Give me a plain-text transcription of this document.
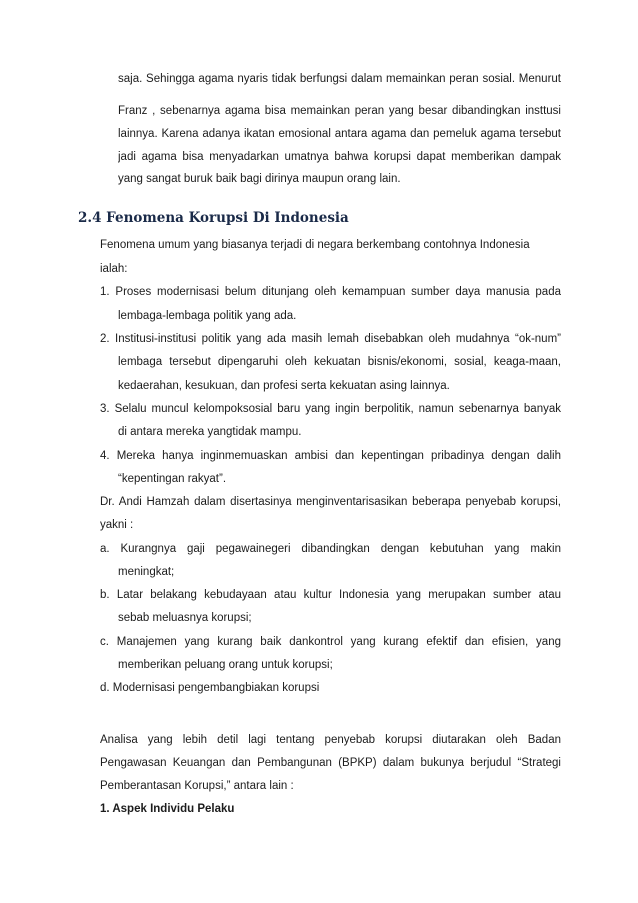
saja. Sehingga agama nyaris tidak berfungsi dalam memainkan peran sosial. Menurut
Franz , sebenarnya agama bisa memainkan peran yang besar dibandingkan insttusi
lainnya. Karena adanya ikatan emosional antara agama dan pemeluk agama tersebut
jadi agama bisa menyadarkan umatnya bahwa korupsi dapat memberikan dampak
yang sangat buruk baik bagi dirinya maupun orang lain.
2.4 Fenomena Korupsi Di Indonesia
Fenomena umum yang biasanya terjadi di negara berkembang contohnya Indonesia
ialah:
1. Proses modernisasi belum ditunjang oleh kemampuan sumber daya manusia pada
lembaga-lembaga politik yang ada.
2. Institusi-institusi politik yang ada masih lemah disebabkan oleh mudahnya “ok-num”
lembaga tersebut dipengaruhi oleh kekuatan bisnis/ekonomi, sosial, keaga-maan,
kedaerahan, kesukuan, dan profesi serta kekuatan asing lainnya.
3. Selalu muncul kelompoksosial baru yang ingin berpolitik, namun sebenarnya banyak
di antara mereka yangtidak mampu.
4. Mereka hanya inginmemuaskan ambisi dan kepentingan pribadinya dengan dalih
“kepentingan rakyat”.
Dr. Andi Hamzah dalam disertasinya menginventarisasikan beberapa penyebab korupsi,
yakni :
a. Kurangnya gaji pegawainegeri dibandingkan dengan kebutuhan yang makin
meningkat;
b. Latar belakang kebudayaan atau kultur Indonesia yang merupakan sumber atau
sebab meluasnya korupsi;
c. Manajemen yang kurang baik dankontrol yang kurang efektif dan efisien, yang
memberikan peluang orang untuk korupsi;
d. Modernisasi pengembangbiakan korupsi
Analisa yang lebih detil lagi tentang penyebab korupsi diutarakan oleh Badan
Pengawasan Keuangan dan Pembangunan (BPKP) dalam bukunya berjudul “Strategi
Pemberantasan Korupsi,” antara lain :
1. Aspek Individu Pelaku
